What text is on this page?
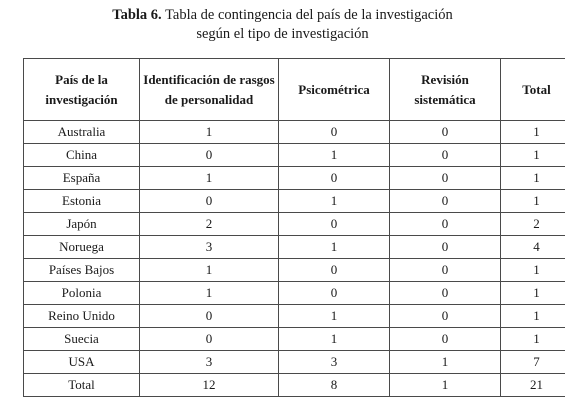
Tabla 6. Tabla de contingencia del país de la investigación
según el tipo de investigación
País de la investigación	Identificación de rasgos de personalidad	Psicométrica	Revisión sistemática	Total
Australia	1	0	0	1
China	0	1	0	1
España	1	0	0	1
Estonia	0	1	0	1
Japón	2	0	0	2
Noruega	3	1	0	4
Países Bajos	1	0	0	1
Polonia	1	0	0	1
Reino Unido	0	1	0	1
Suecia	0	1	0	1
USA	3	3	1	7
Total	12	8	1	21
